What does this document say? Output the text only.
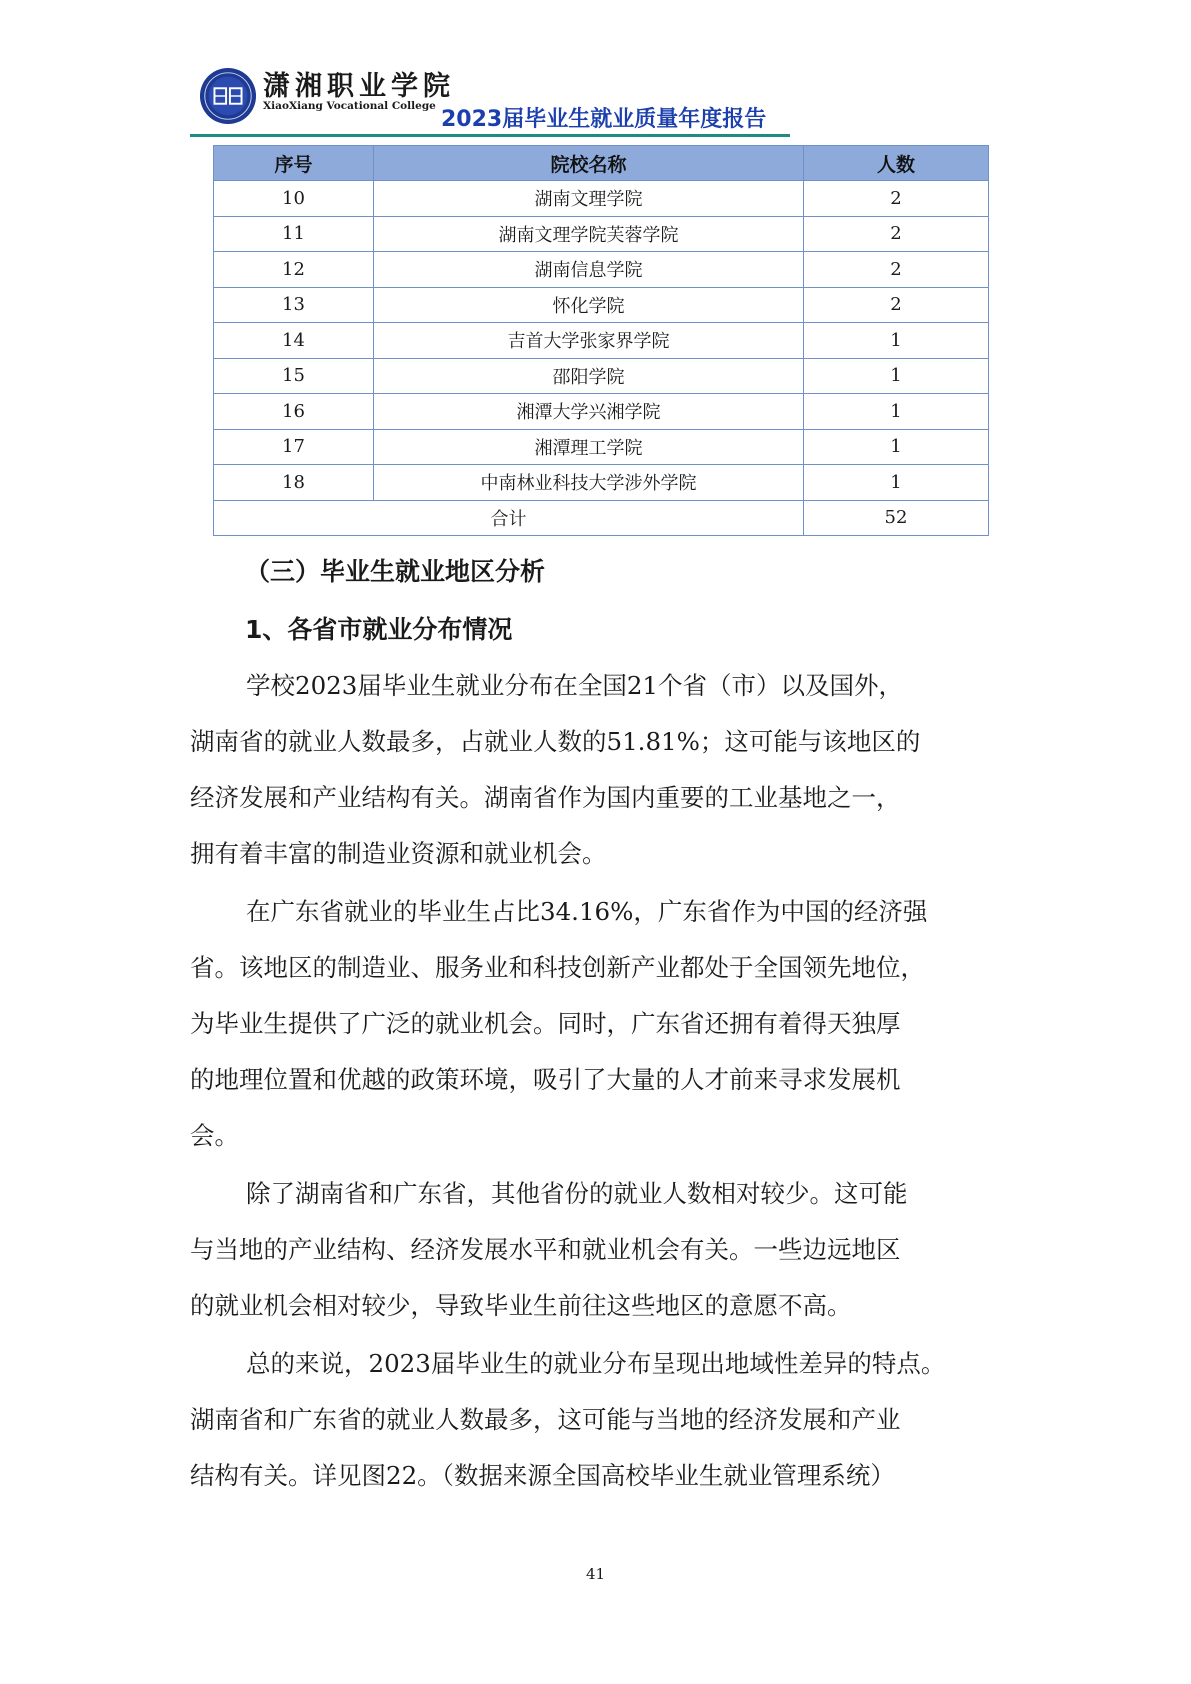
潇湘职业学院
XiaoXiang Vocational College
2023届毕业生就业质量年度报告
序号	院校名称	人数
10	湖南文理学院	2
11	湖南文理学院芙蓉学院	2
12	湖南信息学院	2
13	怀化学院	2
14	吉首大学张家界学院	1
15	邵阳学院	1
16	湘潭大学兴湘学院	1
17	湘潭理工学院	1
18	中南林业科技大学涉外学院	1
合计		52
（三）毕业生就业地区分析
1、各省市就业分布情况
学校2023届毕业生就业分布在全国21个省（市）以及国外，
湖南省的就业人数最多，占就业人数的51.81%；这可能与该地区的
经济发展和产业结构有关。湖南省作为国内重要的工业基地之一，
拥有着丰富的制造业资源和就业机会。
在广东省就业的毕业生占比34.16%，广东省作为中国的经济强
省。该地区的制造业、服务业和科技创新产业都处于全国领先地位，
为毕业生提供了广泛的就业机会。同时，广东省还拥有着得天独厚
的地理位置和优越的政策环境，吸引了大量的人才前来寻求发展机
会。
除了湖南省和广东省，其他省份的就业人数相对较少。这可能
与当地的产业结构、经济发展水平和就业机会有关。一些边远地区
的就业机会相对较少，导致毕业生前往这些地区的意愿不高。
总的来说，2023届毕业生的就业分布呈现出地域性差异的特点。
湖南省和广东省的就业人数最多，这可能与当地的经济发展和产业
结构有关。详见图22。（数据来源全国高校毕业生就业管理系统）
41
